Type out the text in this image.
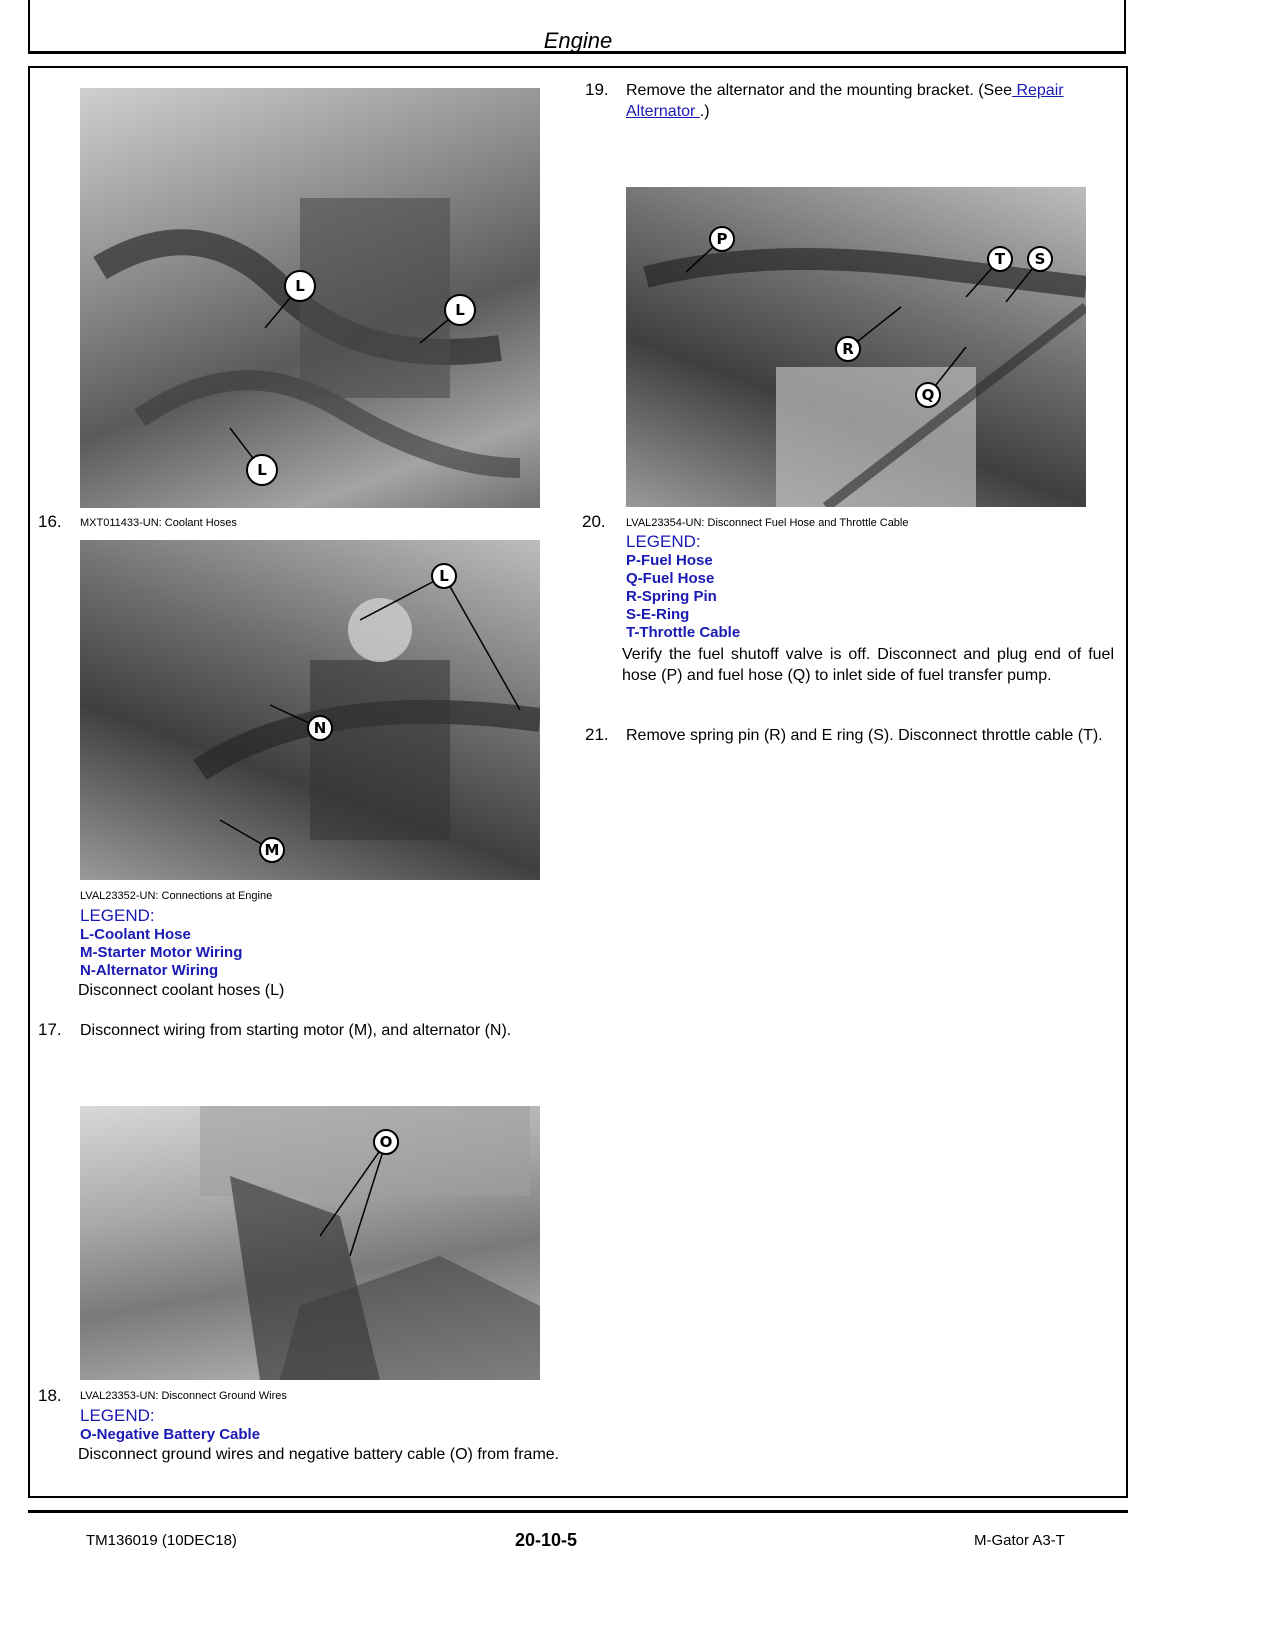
Engine
L
L
L
16. MXT011433-UN: Coolant Hoses
L
N
M
LVAL23352-UN: Connections at Engine
LEGEND:
L-Coolant Hose
M-Starter Motor Wiring
N-Alternator Wiring
Disconnect coolant hoses (L)
17. Disconnect wiring from starting motor (M), and alternator (N).
O
18. LVAL23353-UN: Disconnect Ground Wires
LEGEND:
O-Negative Battery Cable
Disconnect ground wires and negative battery cable (O) from frame.
19. Remove the alternator and the mounting bracket. (See Repair Alternator .)
P
T S
R
Q
20. LVAL23354-UN: Disconnect Fuel Hose and Throttle Cable
LEGEND:
P-Fuel Hose
Q-Fuel Hose
R-Spring Pin
S-E-Ring
T-Throttle Cable
Verify the fuel shutoff valve is off. Disconnect and plug end of fuel hose (P) and fuel hose (Q) to inlet side of fuel transfer pump.
21. Remove spring pin (R) and E ring (S). Disconnect throttle cable (T).
TM136019 (10DEC18)	20-10-5	M-Gator A3-T
